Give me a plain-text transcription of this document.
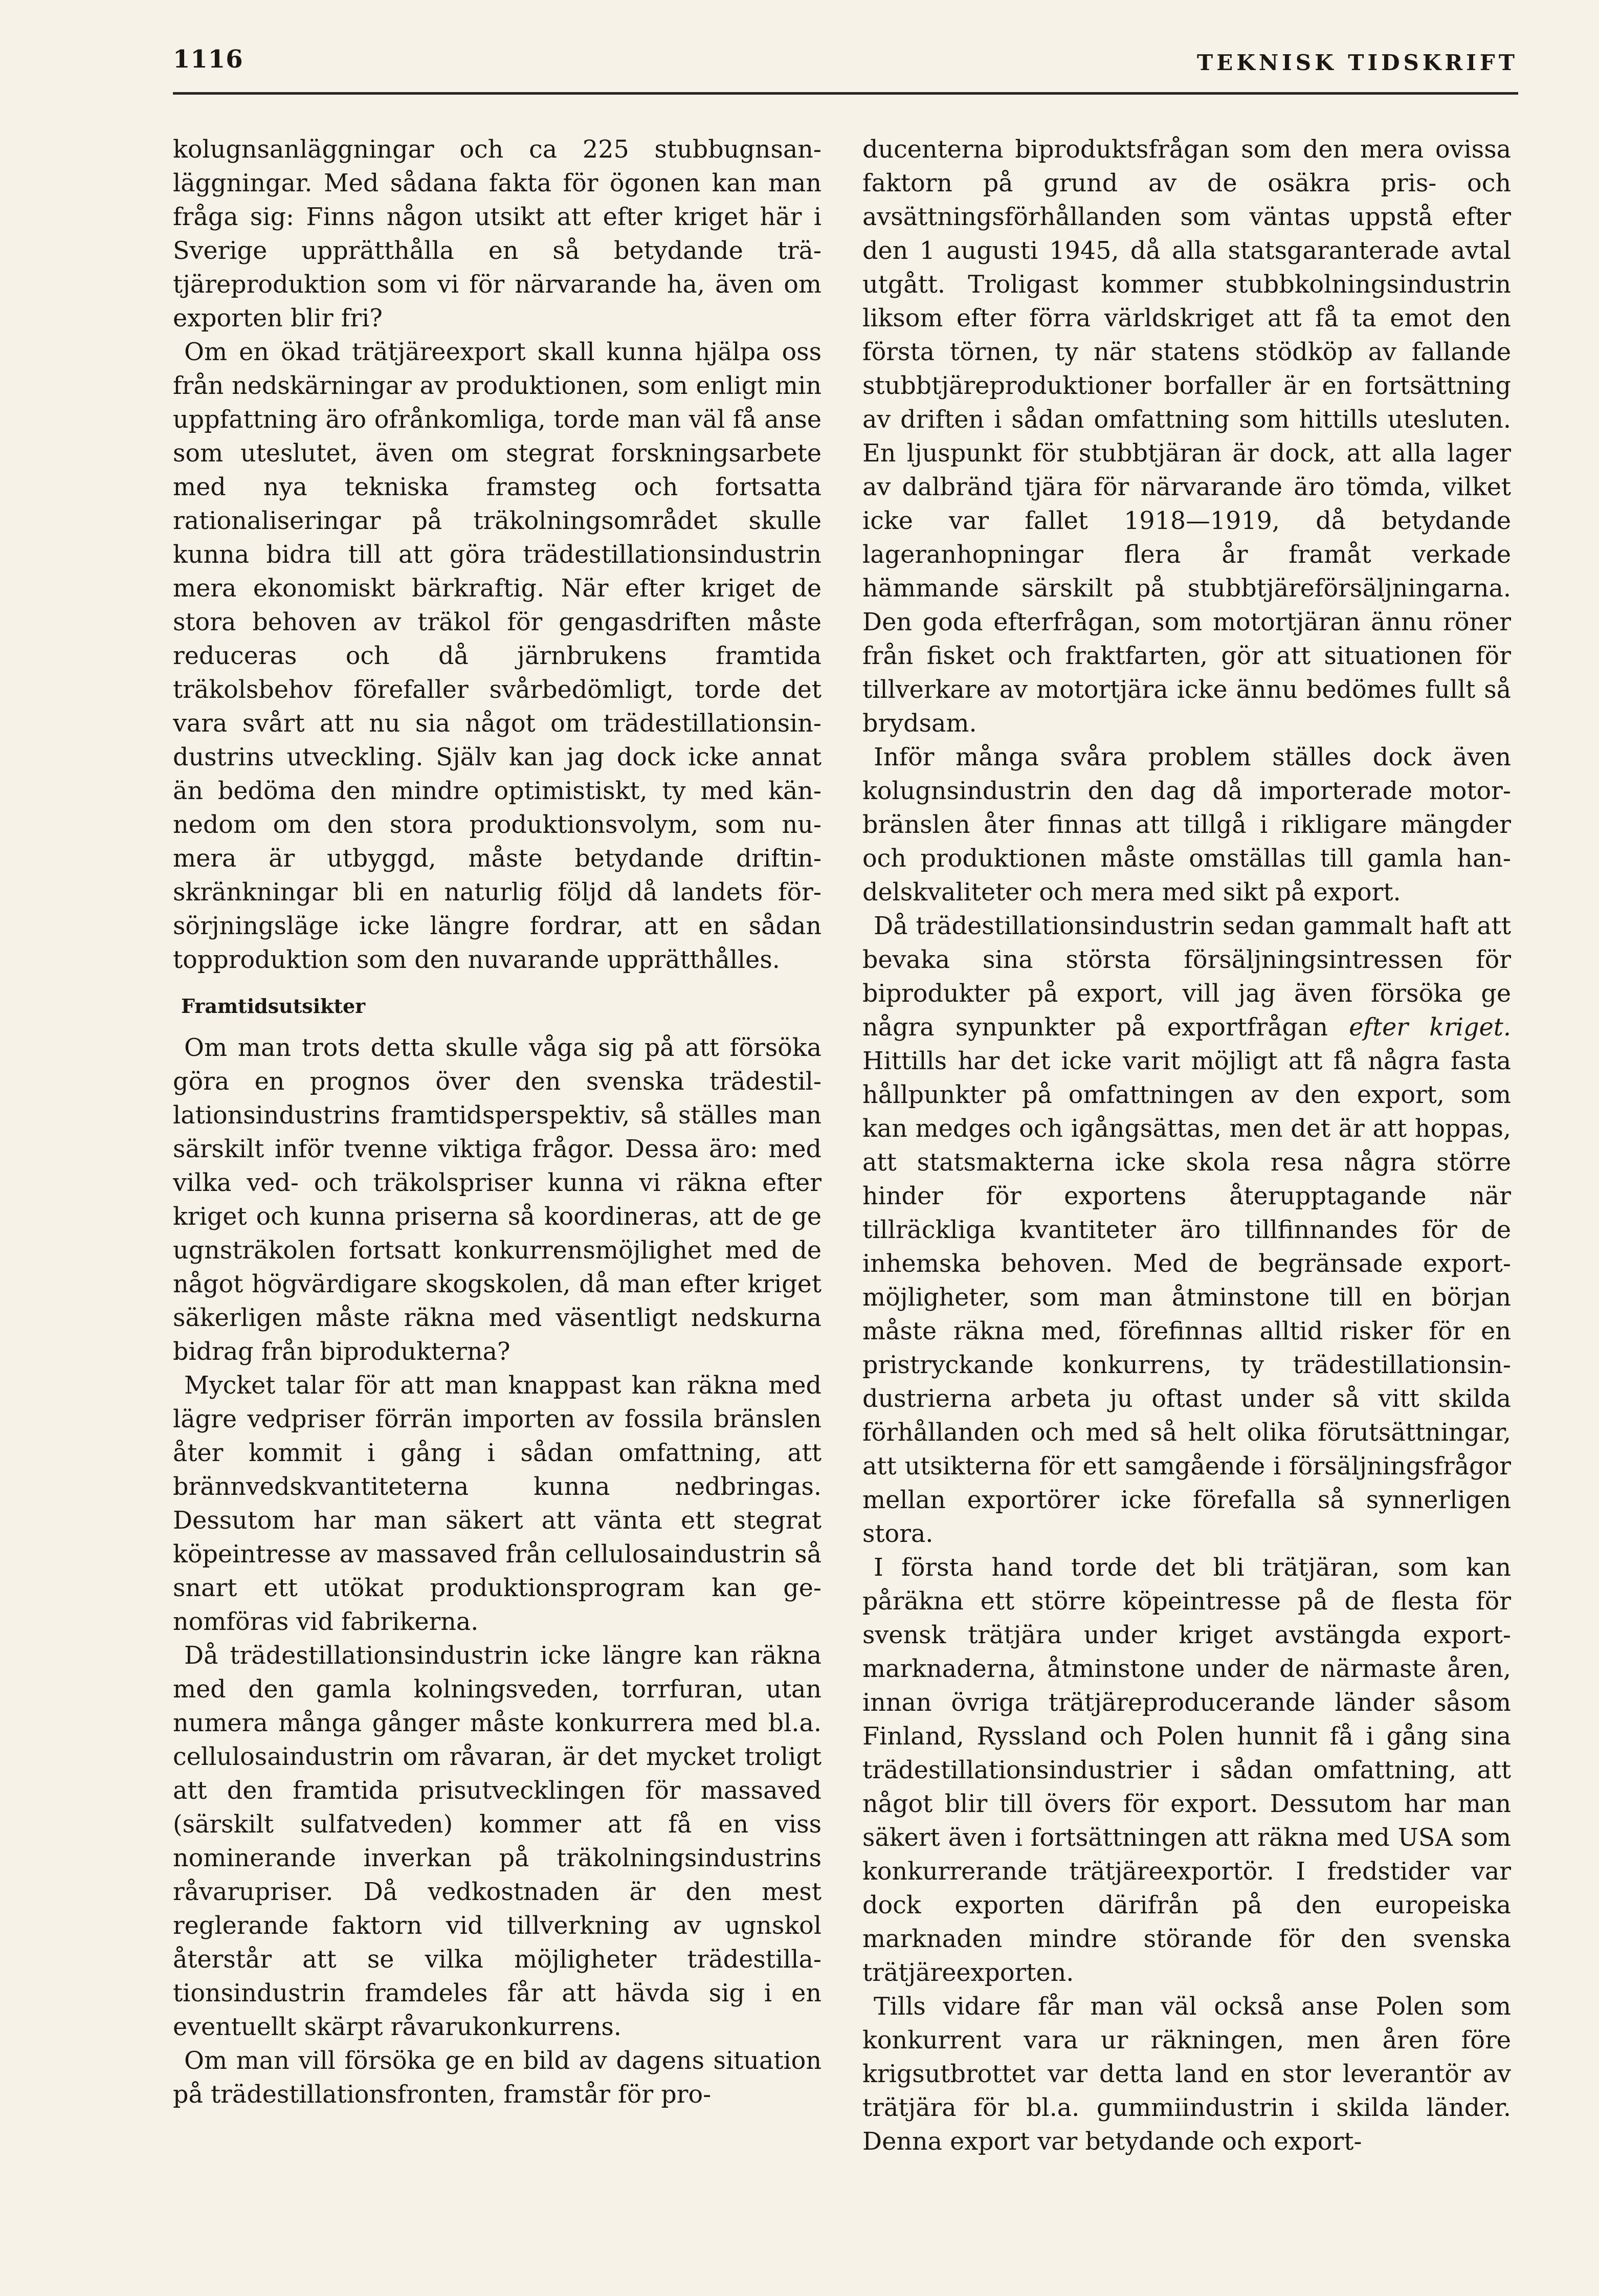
1116	TEKNISK TIDSKRIFT

kolugnsanläggningar och ca 225 stubbugnsanläggningar. Med sådana fakta för ögonen kan man fråga sig: Finns någon utsikt att efter kriget här i Sverige upprätthålla en så betydande trätjäreproduktion som vi för närvarande ha, även om exporten blir fri?

Om en ökad trätjäreexport skall kunna hjälpa oss från nedskärningar av produktionen, som enligt min uppfattning äro ofrånkomliga, torde man väl få anse som uteslutet, även om stegrat forskningsarbete med nya tekniska framsteg och fortsatta rationaliseringar på träkolningsområdet skulle kunna bidra till att göra trädestillationsindustrin mera ekonomiskt bärkraftig. När efter kriget de stora behoven av träkol för gengasdriften måste reduceras och då järnbrukens framtida träkolsbehov förefaller svårbedömligt, torde det vara svårt att nu sia något om trädestillationsindustrins utveckling. Själv kan jag dock icke annat än bedöma den mindre optimistiskt, ty med kännedom om den stora produktionsvolym, som numera är utbyggd, måste betydande driftinskränkningar bli en naturlig följd då landets försörjningsläge icke längre fordrar, att en sådan topproduktion som den nuvarande upprätthålles.

Framtidsutsikter

Om man trots detta skulle våga sig på att försöka göra en prognos över den svenska trädestillationsindustrins framtidsperspektiv, så ställes man särskilt inför tvenne viktiga frågor. Dessa äro: med vilka ved- och träkolspriser kunna vi räkna efter kriget och kunna priserna så koordineras, att de ge ugnsträkolen fortsatt konkurrensmöjlighet med de något högvärdigare skogskolen, då man efter kriget säkerligen måste räkna med väsentligt nedskurna bidrag från biprodukterna?

Mycket talar för att man knappast kan räkna med lägre vedpriser förrän importen av fossila bränslen åter kommit i gång i sådan omfattning, att brännvedskvantiteterna kunna nedbringas. Dessutom har man säkert att vänta ett stegrat köpeintresse av massaved från cellulosaindustrin så snart ett utökat produktionsprogram kan genomföras vid fabrikerna.

Då trädestillationsindustrin icke längre kan räkna med den gamla kolningsveden, torrfuran, utan numera många gånger måste konkurrera med bl.a. cellulosaindustrin om råvaran, är det mycket troligt att den framtida prisutvecklingen för massaved (särskilt sulfatveden) kommer att få en viss nominerande inverkan på träkolningsindustrins råvarupriser. Då vedkostnaden är den mest reglerande faktorn vid tillverkning av ugnskol återstår att se vilka möjligheter trädestillationsindustrin framdeles får att hävda sig i en eventuellt skärpt råvarukonkurrens.

Om man vill försöka ge en bild av dagens situation på trädestillationsfronten, framstår för pro-

ducenterna biproduktsfrågan som den mera ovissa faktorn på grund av de osäkra pris- och avsättningsförhållanden som väntas uppstå efter den 1 augusti 1945, då alla statsgaranterade avtal utgått. Troligast kommer stubbkolningsindustrin liksom efter förra världskriget att få ta emot den första törnen, ty när statens stödköp av fallande stubbtjäreproduktioner borfaller är en fortsättning av driften i sådan omfattning som hittills utesluten. En ljuspunkt för stubbtjäran är dock, att alla lager av dalbränd tjära för närvarande äro tömda, vilket icke var fallet 1918—1919, då betydande lageranhopningar flera år framåt verkade hämmande särskilt på stubbtjäreförsäljningarna. Den goda efterfrågan, som motortjäran ännu röner från fisket och fraktfarten, gör att situationen för tillverkare av motortjära icke ännu bedömes fullt så brydsam.

Inför många svåra problem ställes dock även kolugnsindustrin den dag då importerade motorbränslen åter finnas att tillgå i rikligare mängder och produktionen måste omställas till gamla handelskvaliteter och mera med sikt på export.

Då trädestillationsindustrin sedan gammalt haft att bevaka sina största försäljningsintressen för biprodukter på export, vill jag även försöka ge några synpunkter på exportfrågan efter kriget. Hittills har det icke varit möjligt att få några fasta hållpunkter på omfattningen av den export, som kan medges och igångsättas, men det är att hoppas, att statsmakterna icke skola resa några större hinder för exportens återupptagande när tillräckliga kvantiteter äro tillfinnandes för de inhemska behoven. Med de begränsade exportmöjligheter, som man åtminstone till en början måste räkna med, förefinnas alltid risker för en pristryckande konkurrens, ty trädestillationsindustrierna arbeta ju oftast under så vitt skilda förhållanden och med så helt olika förutsättningar, att utsikterna för ett samgående i försäljningsfrågor mellan exportörer icke förefalla så synnerligen stora.

I första hand torde det bli trätjäran, som kan påräkna ett större köpeintresse på de flesta för svensk trätjära under kriget avstängda exportmarknaderna, åtminstone under de närmaste åren, innan övriga trätjäreproducerande länder såsom Finland, Ryssland och Polen hunnit få i gång sina trädestillationsindustrier i sådan omfattning, att något blir till övers för export. Dessutom har man säkert även i fortsättningen att räkna med USA som konkurrerande trätjäreexportör. I fredstider var dock exporten därifrån på den europeiska marknaden mindre störande för den svenska trätjäreexporten.

Tills vidare får man väl också anse Polen som konkurrent vara ur räkningen, men åren före krigsutbrottet var detta land en stor leverantör av trätjära för bl.a. gummiindustrin i skilda länder. Denna export var betydande och export-
